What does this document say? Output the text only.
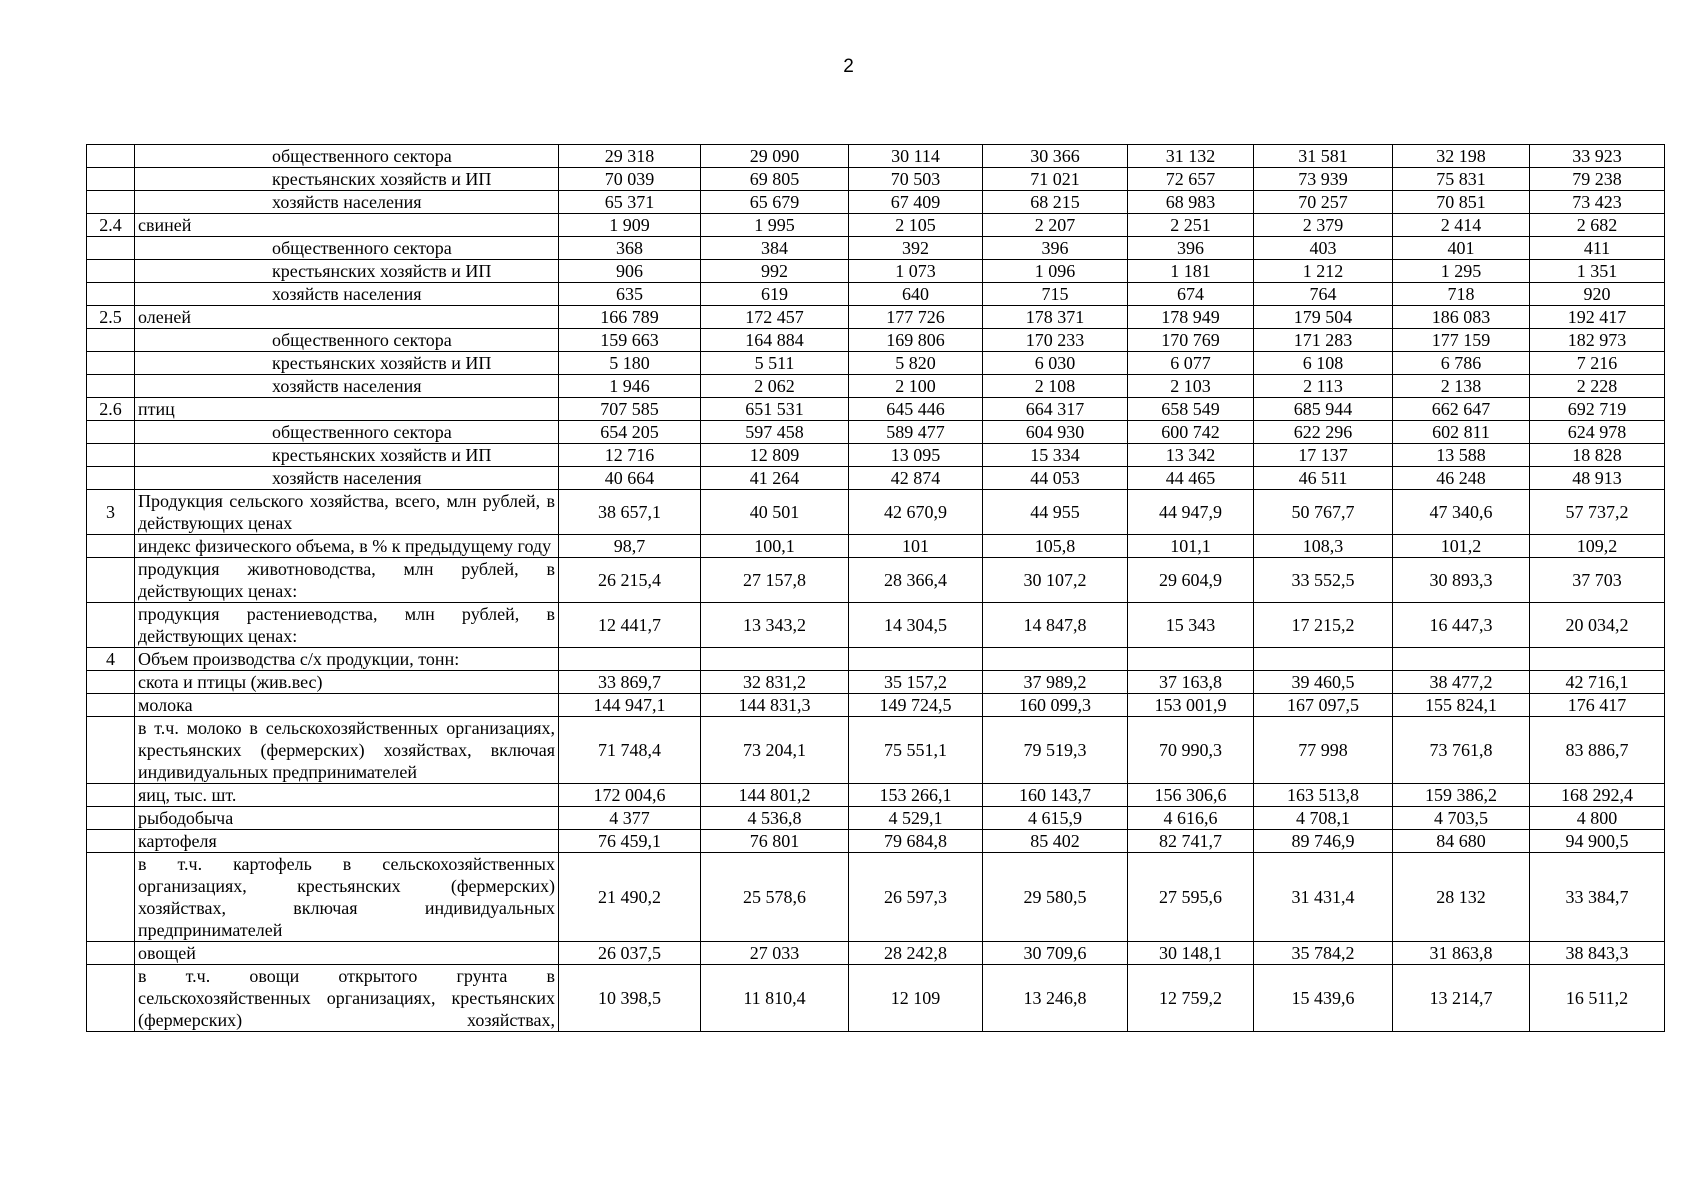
2
	общественного сектора	29 318	29 090	30 114	30 366	31 132	31 581	32 198	33 923
	крестьянских хозяйств и ИП	70 039	69 805	70 503	71 021	72 657	73 939	75 831	79 238
	хозяйств населения	65 371	65 679	67 409	68 215	68 983	70 257	70 851	73 423
2.4	свиней	1 909	1 995	2 105	2 207	2 251	2 379	2 414	2 682
	общественного сектора	368	384	392	396	396	403	401	411
	крестьянских хозяйств и ИП	906	992	1 073	1 096	1 181	1 212	1 295	1 351
	хозяйств населения	635	619	640	715	674	764	718	920
2.5	оленей	166 789	172 457	177 726	178 371	178 949	179 504	186 083	192 417
	общественного сектора	159 663	164 884	169 806	170 233	170 769	171 283	177 159	182 973
	крестьянских хозяйств и ИП	5 180	5 511	5 820	6 030	6 077	6 108	6 786	7 216
	хозяйств населения	1 946	2 062	2 100	2 108	2 103	2 113	2 138	2 228
2.6	птиц	707 585	651 531	645 446	664 317	658 549	685 944	662 647	692 719
	общественного сектора	654 205	597 458	589 477	604 930	600 742	622 296	602 811	624 978
	крестьянских хозяйств и ИП	12 716	12 809	13 095	15 334	13 342	17 137	13 588	18 828
	хозяйств населения	40 664	41 264	42 874	44 053	44 465	46 511	46 248	48 913
3	Продукция сельского хозяйства, всего, млн рублей, в действующих ценах	38 657,1	40 501	42 670,9	44 955	44 947,9	50 767,7	47 340,6	57 737,2
	индекс физического объема, в % к предыдущему году	98,7	100,1	101	105,8	101,1	108,3	101,2	109,2
	продукция животноводства, млн рублей, в действующих ценах:	26 215,4	27 157,8	28 366,4	30 107,2	29 604,9	33 552,5	30 893,3	37 703
	продукция растениеводства, млн рублей, в действующих ценах:	12 441,7	13 343,2	14 304,5	14 847,8	15 343	17 215,2	16 447,3	20 034,2
4	Объем производства с/х продукции, тонн:								
	скота и птицы (жив.вес)	33 869,7	32 831,2	35 157,2	37 989,2	37 163,8	39 460,5	38 477,2	42 716,1
	молока	144 947,1	144 831,3	149 724,5	160 099,3	153 001,9	167 097,5	155 824,1	176 417
	в т.ч. молоко в сельскохозяйственных организациях, крестьянских (фермерских) хозяйствах, включая индивидуальных предпринимателей	71 748,4	73 204,1	75 551,1	79 519,3	70 990,3	77 998	73 761,8	83 886,7
	яиц, тыс. шт.	172 004,6	144 801,2	153 266,1	160 143,7	156 306,6	163 513,8	159 386,2	168 292,4
	рыбодобыча	4 377	4 536,8	4 529,1	4 615,9	4 616,6	4 708,1	4 703,5	4 800
	картофеля	76 459,1	76 801	79 684,8	85 402	82 741,7	89 746,9	84 680	94 900,5
	в т.ч. картофель в сельскохозяйственных организациях, крестьянских (фермерских) хозяйствах, включая индивидуальных предпринимателей	21 490,2	25 578,6	26 597,3	29 580,5	27 595,6	31 431,4	28 132	33 384,7
	овощей	26 037,5	27 033	28 242,8	30 709,6	30 148,1	35 784,2	31 863,8	38 843,3
	в т.ч. овощи открытого грунта в сельскохозяйственных организациях, крестьянских (фермерских) хозяйствах,	10 398,5	11 810,4	12 109	13 246,8	12 759,2	15 439,6	13 214,7	16 511,2
